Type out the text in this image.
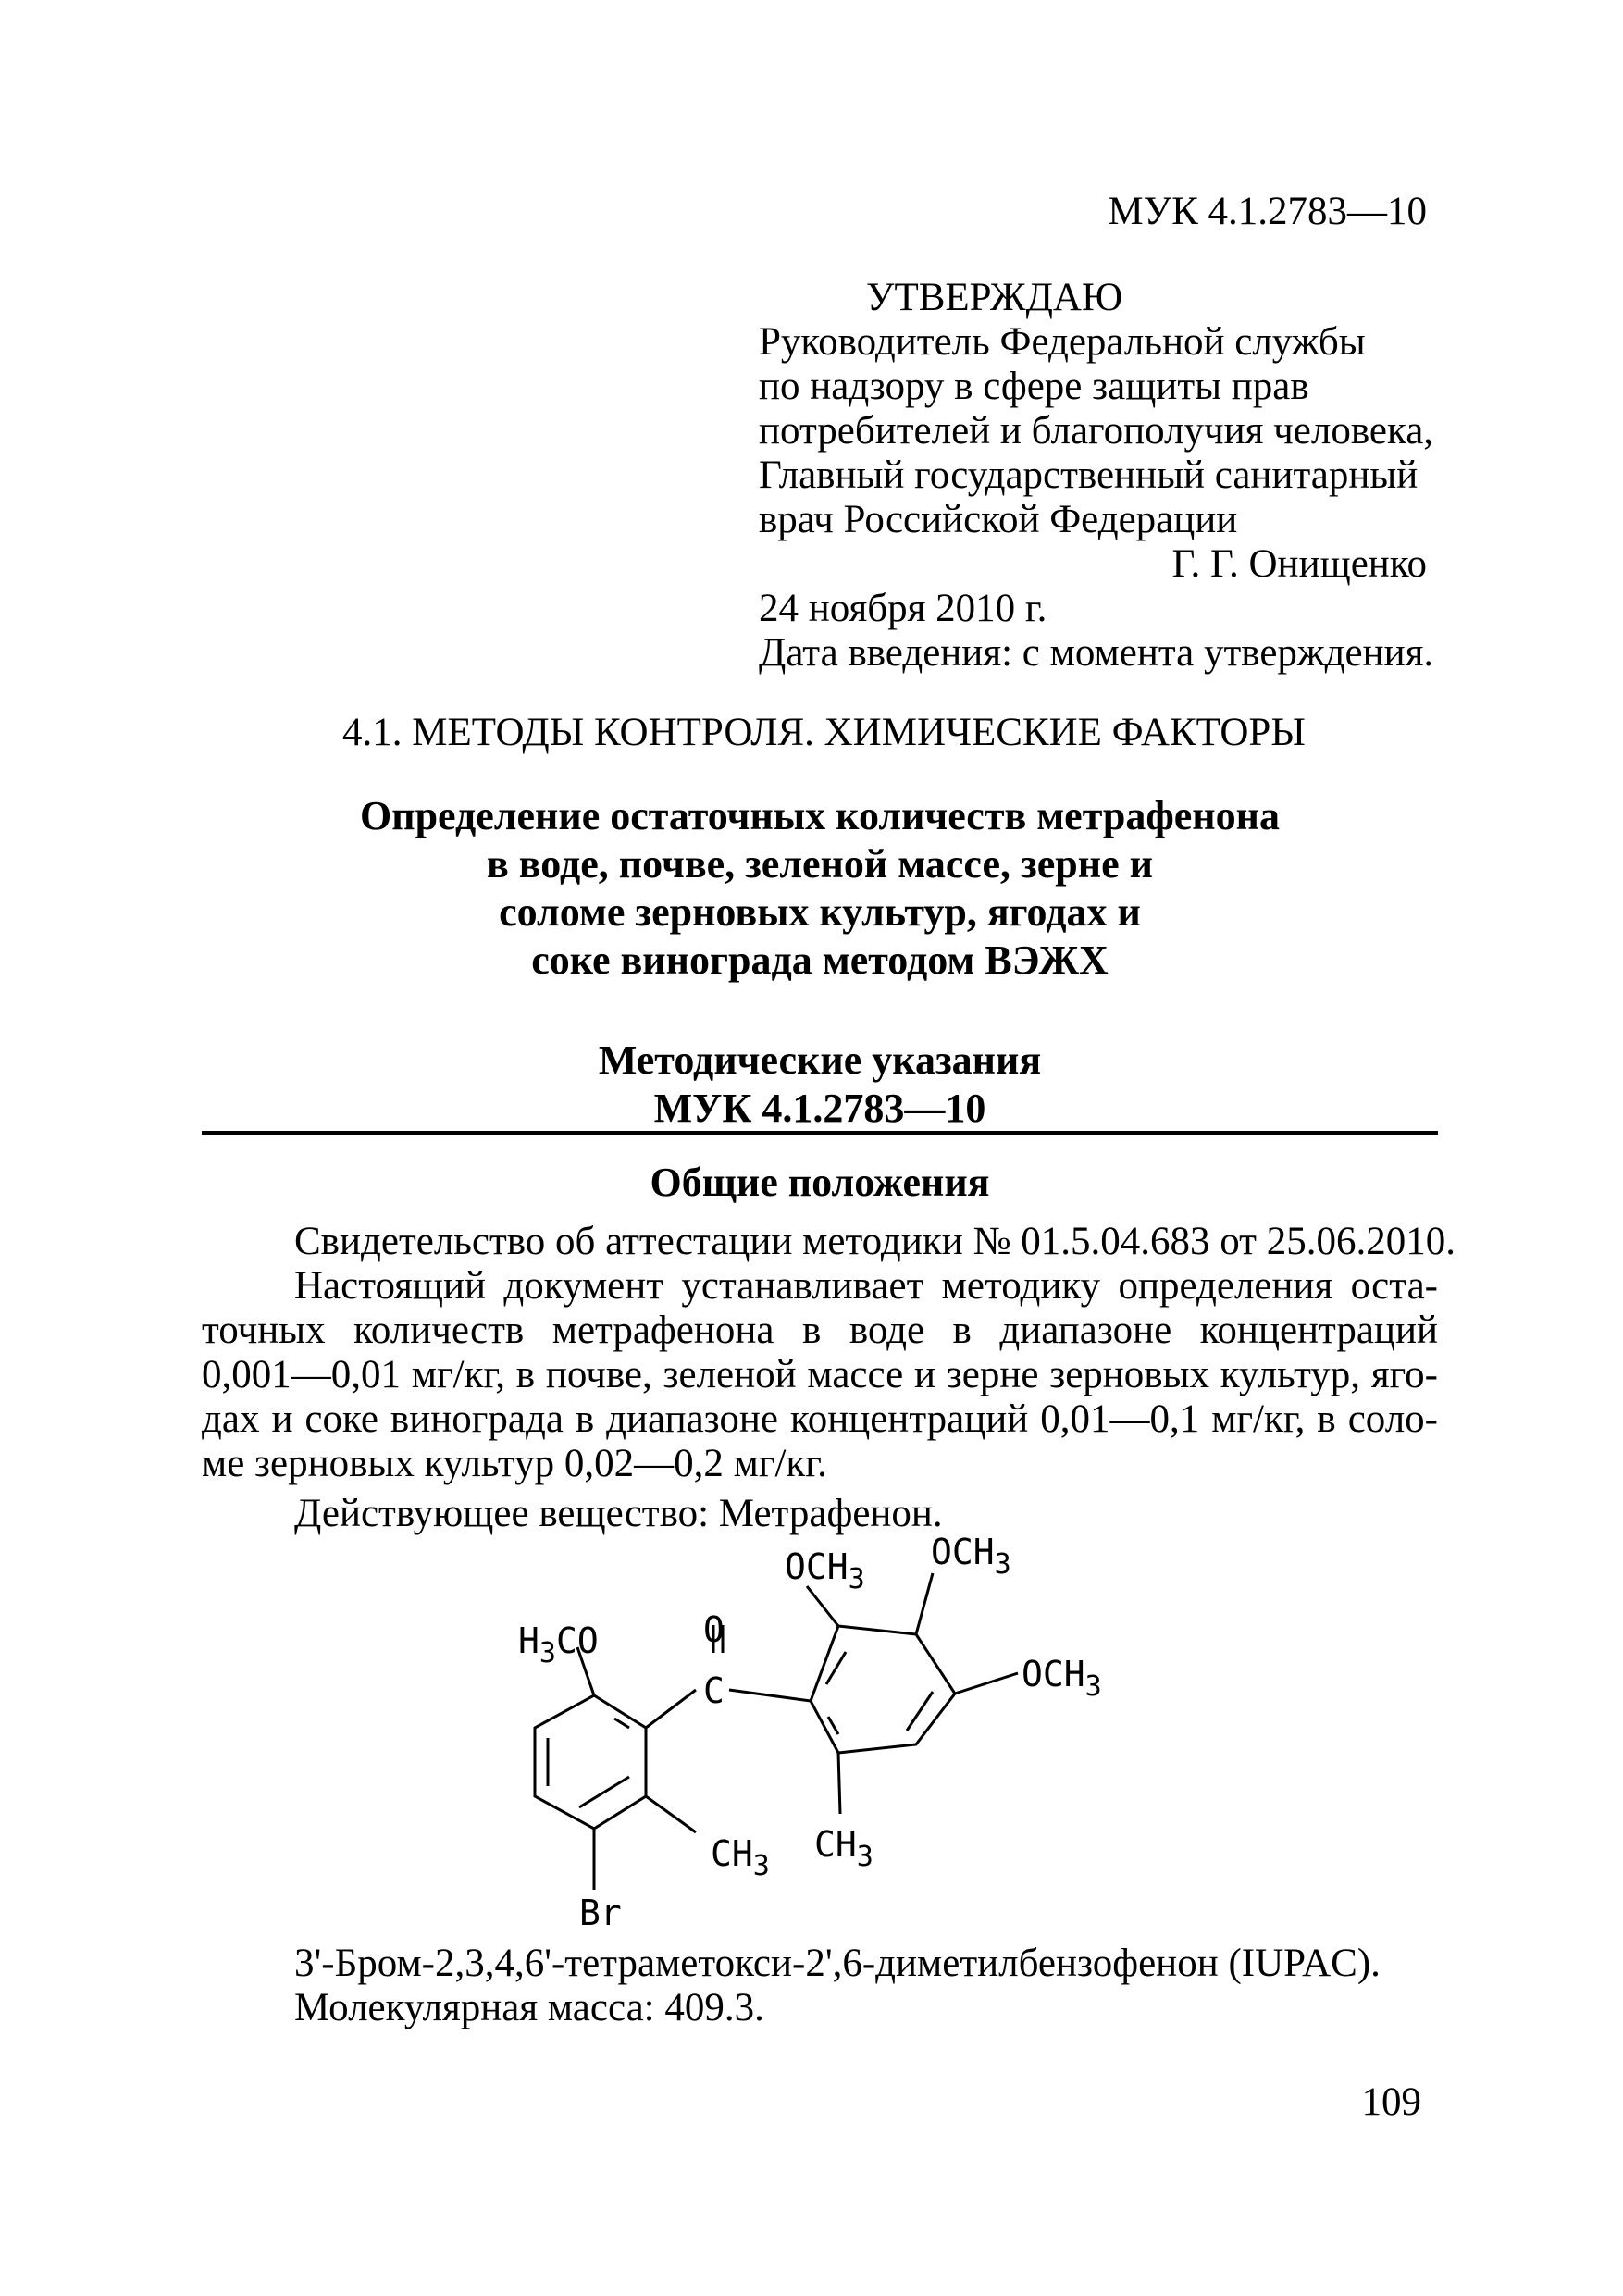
МУК 4.1.2783—10
УТВЕРЖДАЮ
Руководитель Федеральной службы
по надзору в сфере защиты прав
потребителей и благополучия человека,
Главный государственный санитарный
врач Российской Федерации
Г. Г. Онищенко
24 ноября 2010 г.
Дата введения: с момента утверждения.
4.1. МЕТОДЫ КОНТРОЛЯ. ХИМИЧЕСКИЕ ФАКТОРЫ
Определение остаточных количеств метрафенона
в воде, почве, зеленой массе, зерне и
соломе зерновых культур, ягодах и
соке винограда методом ВЭЖХ
Методические указания
МУК 4.1.2783—10
Общие положения
Свидетельство об аттестации методики № 01.5.04.683 от 25.06.2010.
Настоящий документ устанавливает методику определения оста-
точных количеств метрафенона в воде в диапазоне концентраций
0,001—0,01 мг/кг, в почве, зеленой массе и зерне зерновых культур, яго-
дах и соке винограда в диапазоне концентраций 0,01—0,1 мг/кг, в соло-
ме зерновых культур 0,02—0,2 мг/кг.
Действующее вещество: Метрафенон.
$H_3CO$	O
C
$OCH_3$
$OCH_3$
$OCH_3$
$CH_3$
$CH_3$
Br
3'-Бром-2,3,4,6'-тетраметокси-2',6-диметилбензофенон (IUPAC).
Молекулярная масса: 409.3.
109
